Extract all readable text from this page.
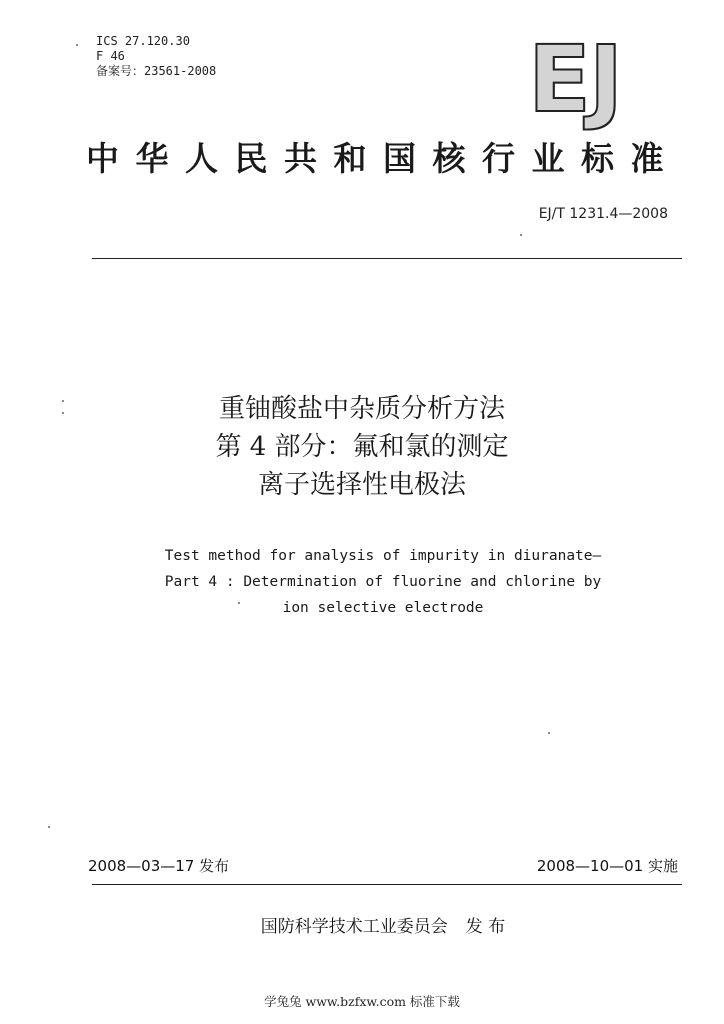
ICS 27.120.30
F 46
备案号：23561-2008	EJ
中华人民共和国核行业标准
EJ/T 1231.4—2008
重铀酸盐中杂质分析方法
第 4 部分：氟和氯的测定
离子选择性电极法
Test method for analysis of impurity in diuranate—
Part 4 : Determination of fluorine and chlorine by
ion selective electrode
2008—03—17 发布	2008—10—01 实施
国防科学技术工业委员会 发 布
学兔兔 www.bzfxw.com 标准下载
